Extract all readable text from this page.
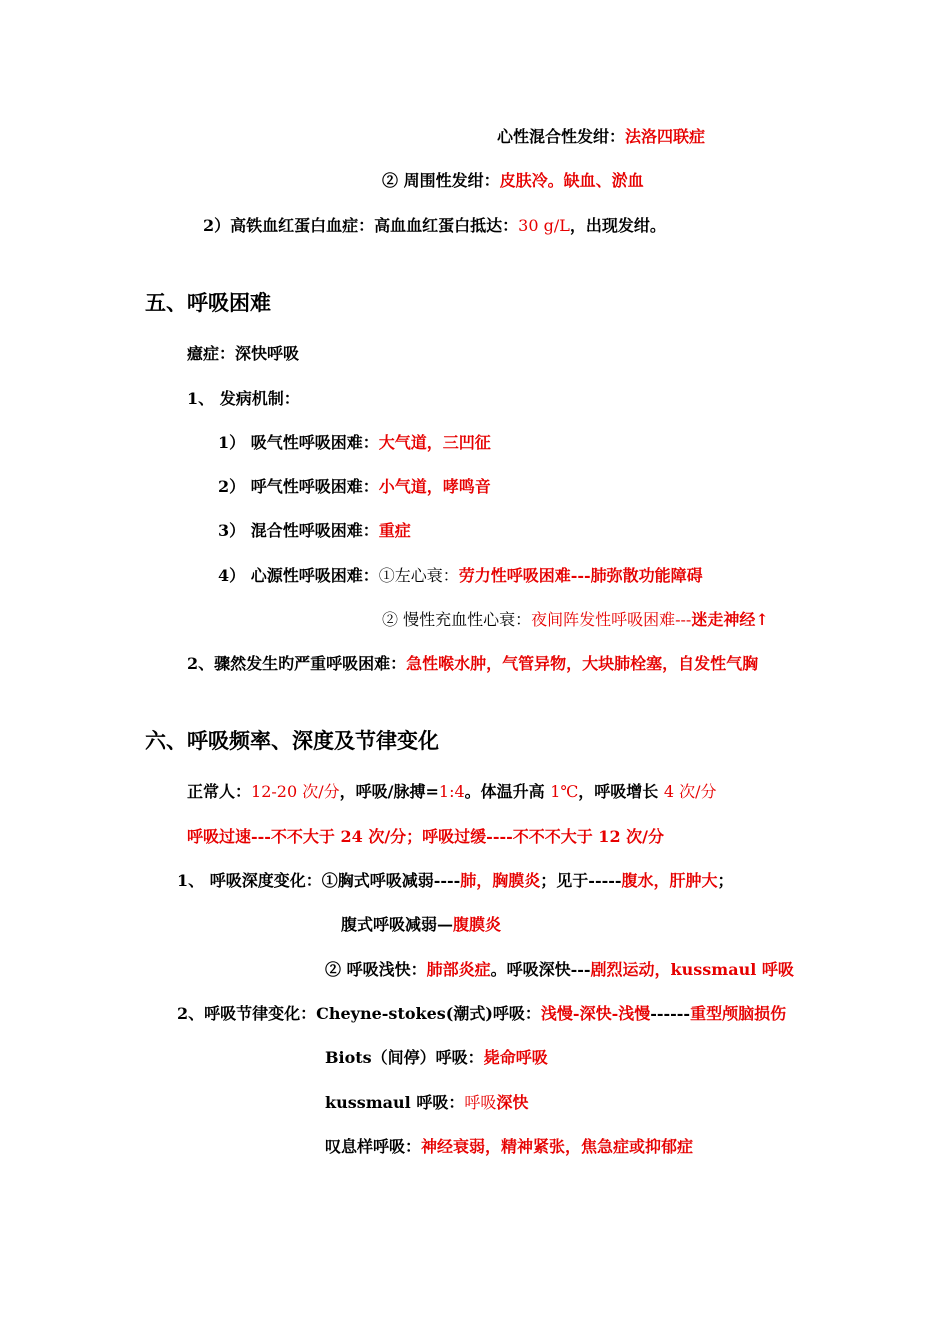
心性混合性发绀：法洛四联症
② 周围性发绀：皮肤冷。缺血、淤血
2）高铁血红蛋白血症：高血血红蛋白抵达：30 g/L，出现发绀。
五、呼吸困难
癔症：深快呼吸
1、 发病机制：
1） 吸气性呼吸困难：大气道，三凹征
2） 呼气性呼吸困难：小气道，哮鸣音
3） 混合性呼吸困难：重症
4） 心源性呼吸困难：①左心衰：劳力性呼吸困难---肺弥散功能障碍
② 慢性充血性心衰：夜间阵发性呼吸困难---迷走神经↑
2、骤然发生旳严重呼吸困难：急性喉水肿，气管异物，大块肺栓塞，自发性气胸
六、呼吸频率、深度及节律变化
正常人：12-20 次/分，呼吸/脉搏=1:4。体温升高 1℃，呼吸增长 4 次/分
呼吸过速---不不大于 24 次/分；呼吸过缓----不不不大于 12 次/分
1、 呼吸深度变化：①胸式呼吸减弱----肺，胸膜炎；见于-----腹水，肝肿大；
腹式呼吸减弱—腹膜炎
② 呼吸浅快：肺部炎症。呼吸深快---剧烈运动，kussmaul 呼吸
2、呼吸节律变化：Cheyne-stokes(潮式)呼吸：浅慢-深快-浅慢------重型颅脑损伤
Biots（间停）呼吸：毙命呼吸
kussmaul 呼吸：呼吸深快
叹息样呼吸：神经衰弱，精神紧张，焦急症或抑郁症
